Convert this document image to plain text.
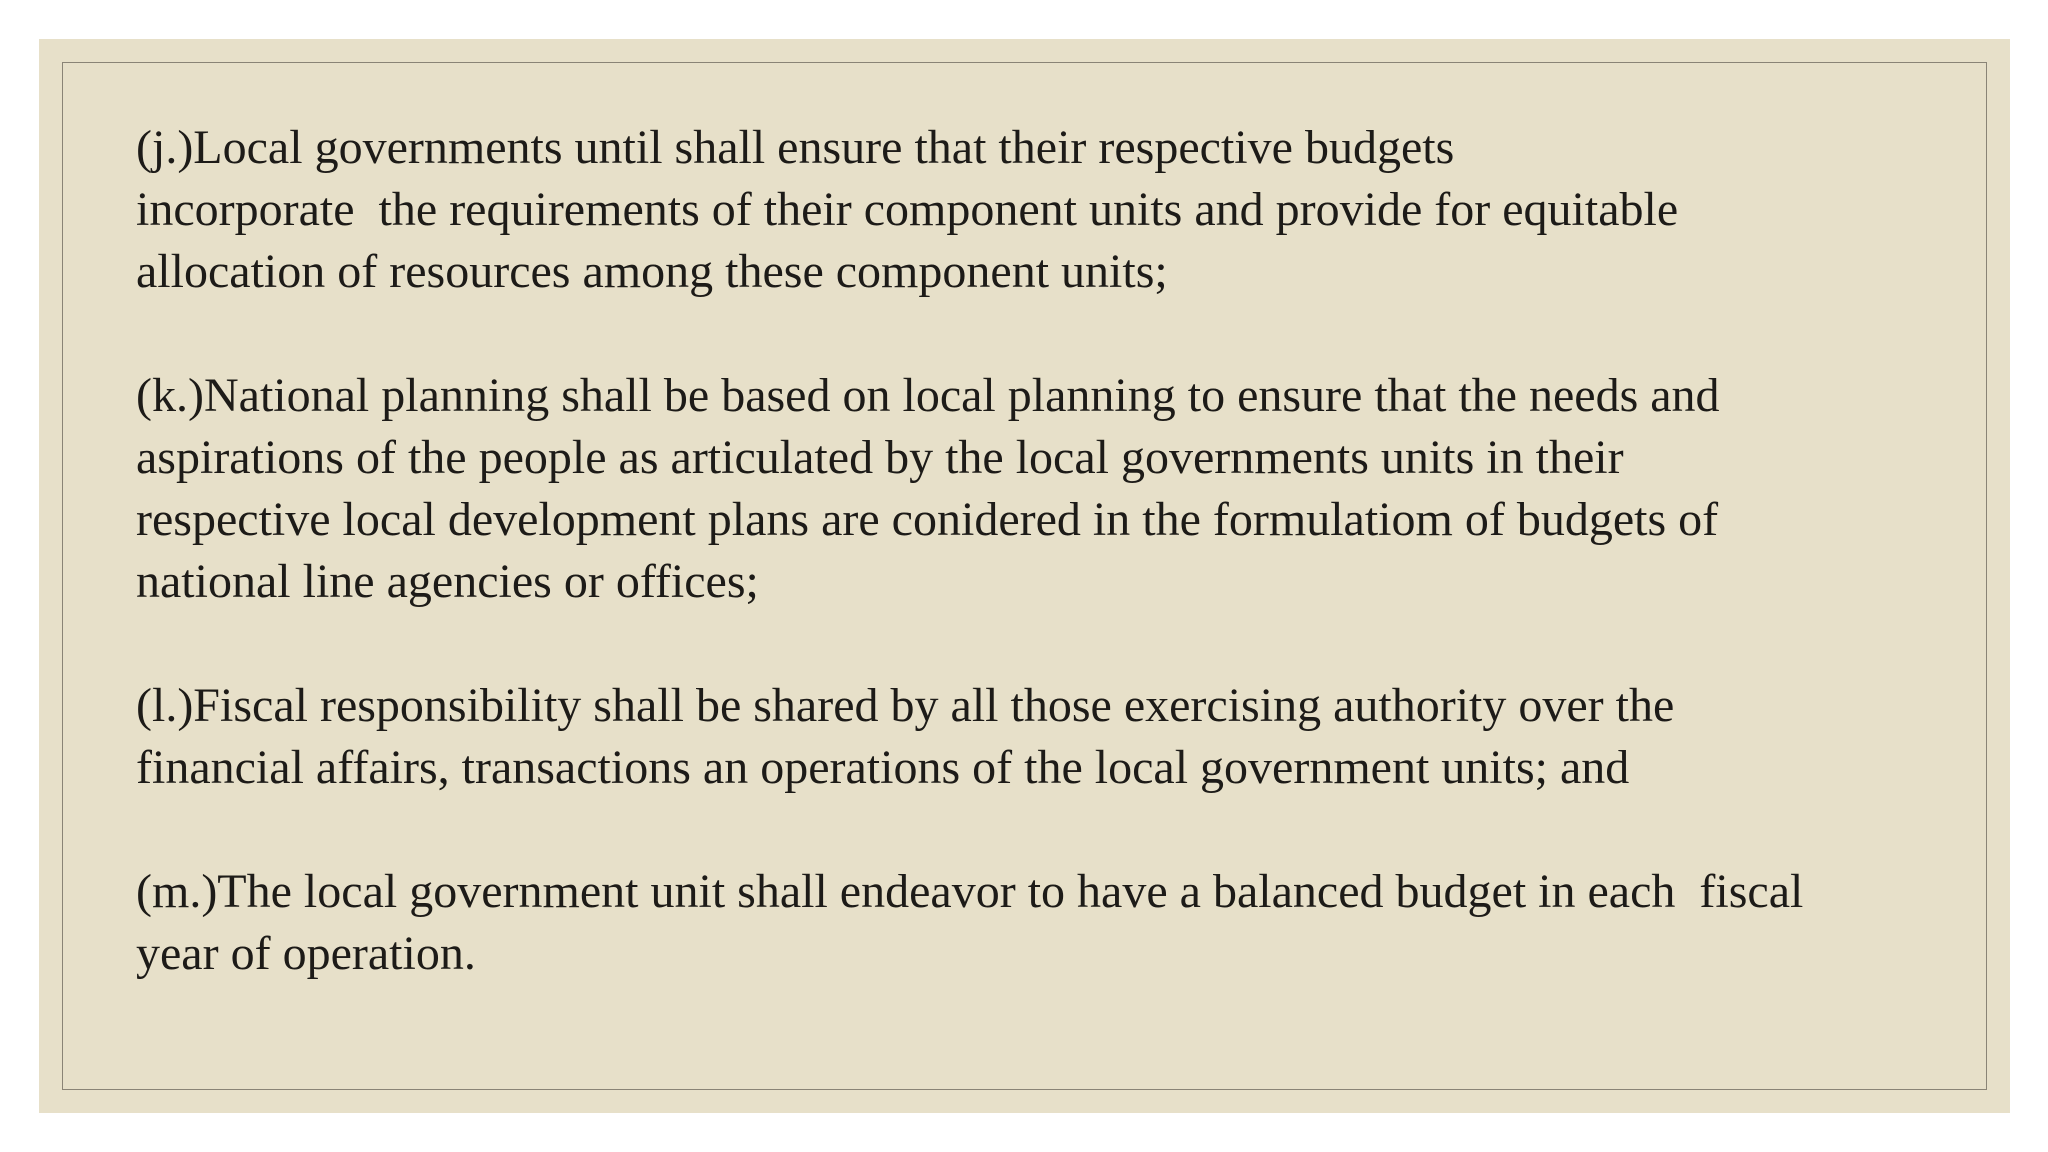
(j.)Local governments until shall ensure that their respective budgets
incorporate  the requirements of their component units and provide for equitable
allocation of resources among these component units;

(k.)National planning shall be based on local planning to ensure that the needs and
aspirations of the people as articulated by the local governments units in their
respective local development plans are conidered in the formulatiom of budgets of
national line agencies or offices;

(l.)Fiscal responsibility shall be shared by all those exercising authority over the
financial affairs, transactions an operations of the local government units; and

(m.)The local government unit shall endeavor to have a balanced budget in each  fiscal
year of operation.
